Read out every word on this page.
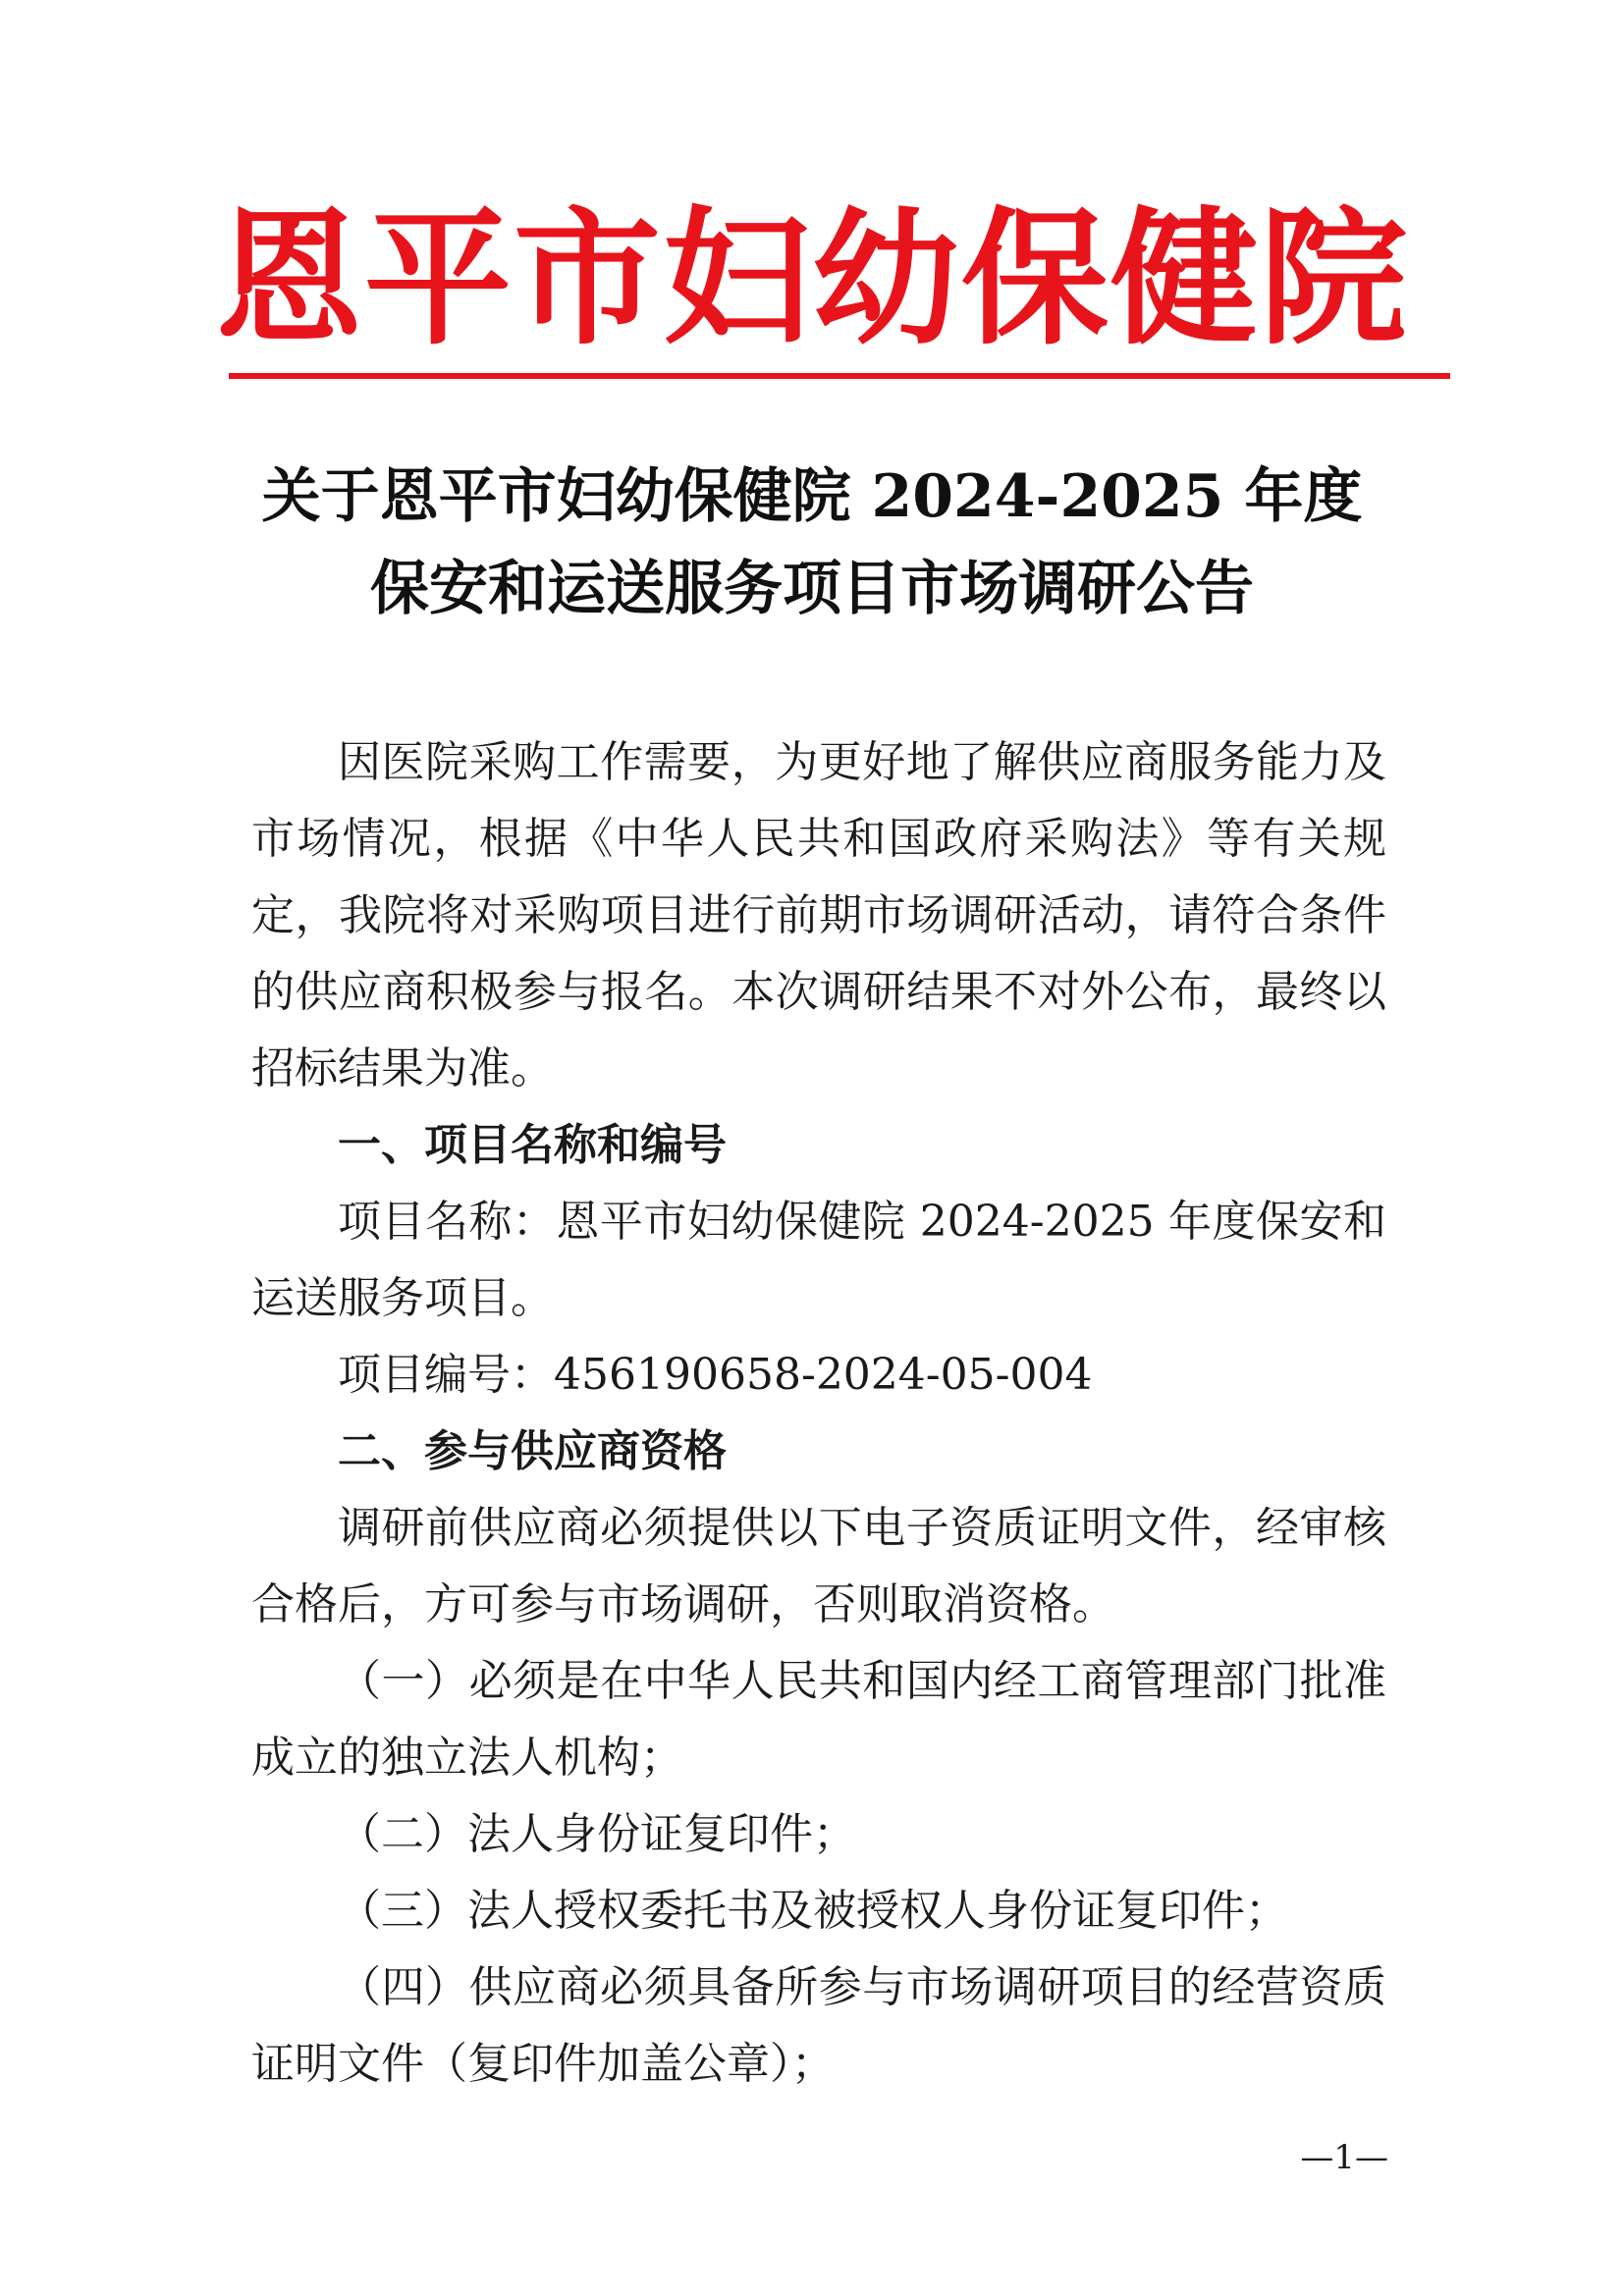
恩平市妇幼保健院
关于恩平市妇幼保健院 2024-2025 年度
保安和运送服务项目市场调研公告

因医院采购工作需要，为更好地了解供应商服务能力及市场情况，根据《中华人民共和国政府采购法》等有关规定，我院将对采购项目进行前期市场调研活动，请符合条件的供应商积极参与报名。本次调研结果不对外公布，最终以招标结果为准。

一、项目名称和编号

项目名称：恩平市妇幼保健院 2024-2025 年度保安和运送服务项目。

项目编号：456190658-2024-05-004

二、参与供应商资格

调研前供应商必须提供以下电子资质证明文件，经审核合格后，方可参与市场调研，否则取消资格。

（一）必须是在中华人民共和国内经工商管理部门批准成立的独立法人机构；

（二）法人身份证复印件；

（三）法人授权委托书及被授权人身份证复印件；

（四）供应商必须具备所参与市场调研项目的经营资质证明文件（复印件加盖公章）；

—1—
